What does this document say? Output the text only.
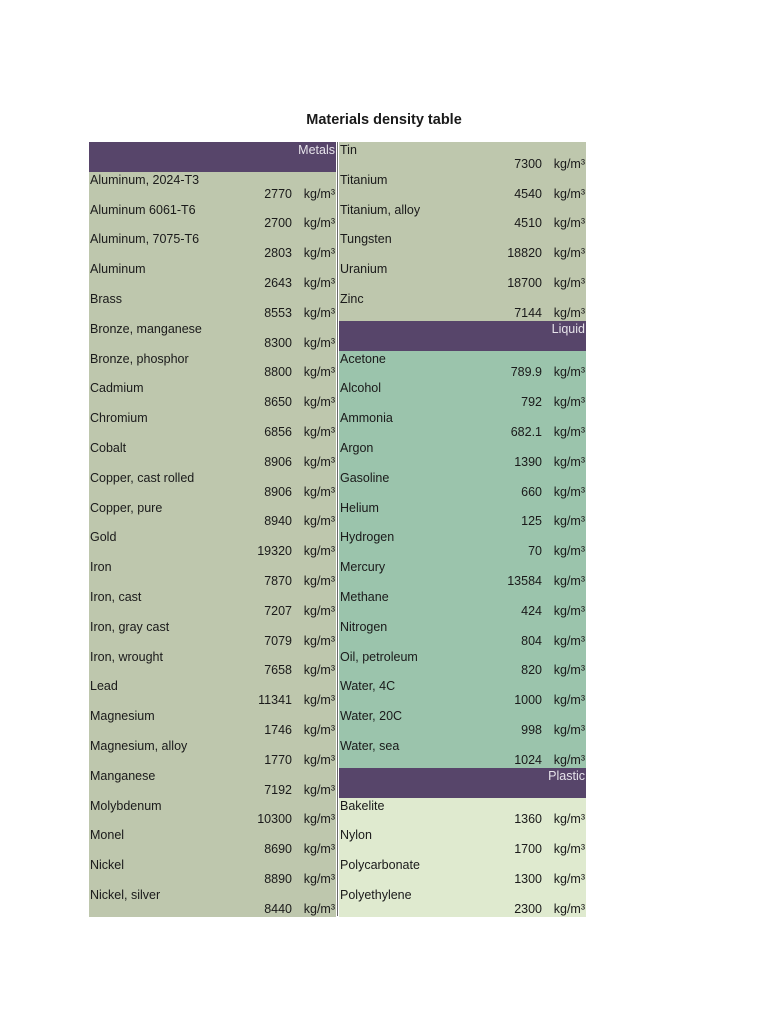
Materials density table
Metals
Aluminum, 2024-T3
2770 kg/m³
Aluminum 6061-T6
2700 kg/m³
Aluminum, 7075-T6
2803 kg/m³
Aluminum
2643 kg/m³
Brass
8553 kg/m³
Bronze, manganese
8300 kg/m³
Bronze, phosphor
8800 kg/m³
Cadmium
8650 kg/m³
Chromium
6856 kg/m³
Cobalt
8906 kg/m³
Copper, cast rolled
8906 kg/m³
Copper, pure
8940 kg/m³
Gold
19320 kg/m³
Iron
7870 kg/m³
Iron, cast
7207 kg/m³
Iron, gray cast
7079 kg/m³
Iron, wrought
7658 kg/m³
Lead
11341 kg/m³
Magnesium
1746 kg/m³
Magnesium, alloy
1770 kg/m³
Manganese
7192 kg/m³
Molybdenum
10300 kg/m³
Monel
8690 kg/m³
Nickel
8890 kg/m³
Nickel, silver
8440 kg/m³
Tin
7300 kg/m³
Titanium
4540 kg/m³
Titanium, alloy
4510 kg/m³
Tungsten
18820 kg/m³
Uranium
18700 kg/m³
Zinc
7144 kg/m³
Liquid
Acetone
789.9 kg/m³
Alcohol
792 kg/m³
Ammonia
682.1 kg/m³
Argon
1390 kg/m³
Gasoline
660 kg/m³
Helium
125 kg/m³
Hydrogen
70 kg/m³
Mercury
13584 kg/m³
Methane
424 kg/m³
Nitrogen
804 kg/m³
Oil, petroleum
820 kg/m³
Water, 4C
1000 kg/m³
Water, 20C
998 kg/m³
Water, sea
1024 kg/m³
Plastic
Bakelite
1360 kg/m³
Nylon
1700 kg/m³
Polycarbonate
1300 kg/m³
Polyethylene
2300 kg/m³
